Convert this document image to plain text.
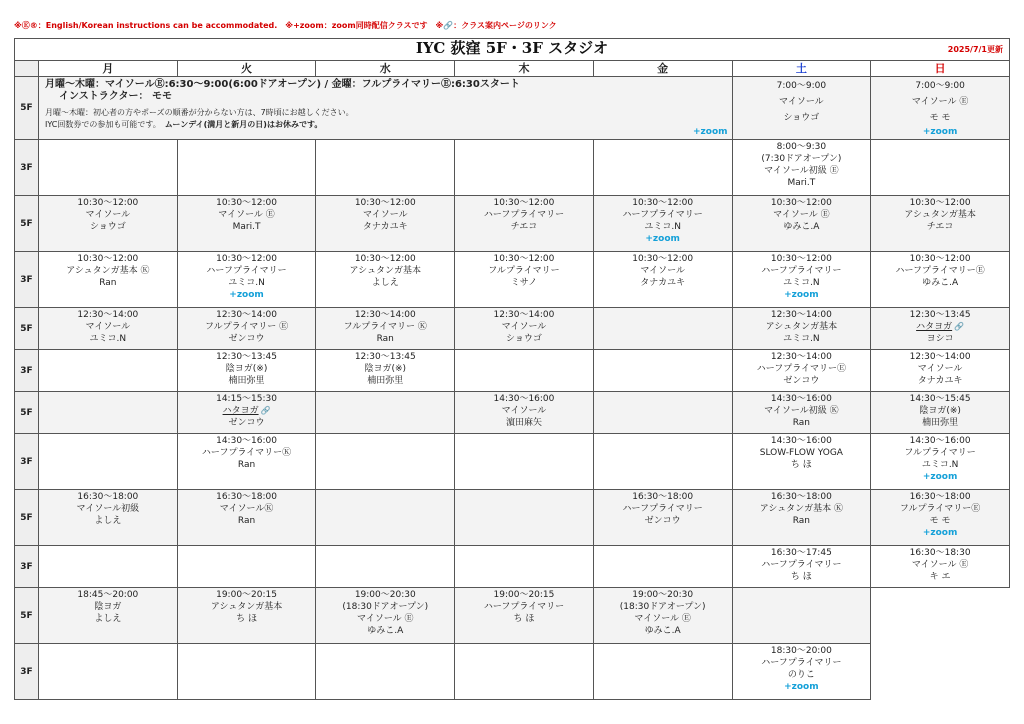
※Ⓔ®：English/Korean instructions can be accommodated.　※+zoom：zoom同時配信クラスです　※🔗：クラス案内ページのリンク
IYC 荻窪 5F・3F スタジオ 2025/7/1更新							

	月	火	水	木	金	土	日
5F	月曜～木曜：マイソールⒺ:6:30～9:00(6:00ドアオープン) / 金曜：フルプライマリーⒺ:6:30スタート
インストラクター： モモ
月曜～木曜：初心者の方やポーズの順番が分からない方は、7時頃にお越しください。
IYC回数券での参加も可能です。　ムーンデイ(満月と新月の日)はお休みです。
+zoom					7:00～9:00
マイソール
ショウゴ	7:00～9:00
マイソール Ⓔ
モ モ
+zoom

3F						8:00～9:30
(7:30ドアオープン)
マイソール初級 Ⓔ
Mari.T	

5F	10:30～12:00
マイソール
ショウゴ	10:30～12:00
マイソール Ⓔ
Mari.T	10:30～12:00
マイソール
タナカユキ	10:30～12:00
ハーフプライマリー
チエコ	10:30～12:00
ハーフプライマリー
ユミコ.N
+zoom	10:30～12:00
マイソール Ⓔ
ゆみこ.A	10:30～12:00
アシュタンガ基本
チエコ

3F	10:30～12:00
アシュタンガ基本 Ⓚ
Ran	10:30～12:00
ハーフプライマリー
ユミコ.N
+zoom	10:30～12:00
アシュタンガ基本
よしえ	10:30～12:00
フルプライマリー
ミサノ	10:30～12:00
マイソール
タナカユキ	10:30～12:00
ハーフプライマリー
ユミコ.N
+zoom	10:30～12:00
ハーフプライマリーⒺ
ゆみこ.A

5F	12:30～14:00
マイソール
ユミコ.N	12:30～14:00
フルプライマリー Ⓔ
ゼンコウ	12:30～14:00
フルプライマリー Ⓚ
Ran	12:30～14:00
マイソール
ショウゴ		12:30～14:00
アシュタンガ基本
ユミコ.N	12:30～13:45
ハタヨガ 🔗
ヨシコ

3F		12:30～13:45
陰ヨガ(※)
楠田弥里	12:30～13:45
陰ヨガ(※)
楠田弥里			12:30～14:00
ハーフプライマリーⒺ
ゼンコウ	12:30～14:00
マイソール
タナカユキ

5F		14:15～15:30
ハタヨガ 🔗
ゼンコウ		14:30～16:00
マイソール
濵田麻矢		14:30～16:00
マイソール初級 Ⓚ
Ran	14:30～15:45
陰ヨガ(※)
楠田弥里

3F		14:30～16:00
ハーフプライマリーⓀ
Ran				14:30～16:00
SLOW-FLOW YOGA
ち ほ	14:30～16:00
フルプライマリー
ユミコ.N
+zoom

5F	16:30～18:00
マイソール初級
よしえ	16:30～18:00
マイソールⓀ
Ran			16:30～18:00
ハーフプライマリー
ゼンコウ	16:30～18:00
アシュタンガ基本 Ⓚ
Ran	16:30～18:00
フルプライマリーⒺ
モ モ
+zoom

3F						16:30～17:45
ハーフプライマリー
ち ほ	16:30～18:30
マイソール Ⓔ
キ エ

5F	18:45～20:00
陰ヨガ
よしえ	19:00～20:15
アシュタンガ基本
ち ほ	19:00～20:30
(18:30ドアオープン)
マイソール Ⓔ
ゆみこ.A	19:00～20:15
ハーフプライマリー
ち ほ	19:00～20:30
(18:30ドアオープン)
マイソール Ⓔ
ゆみこ.A		

3F						18:30～20:00
ハーフプライマリー
のりこ
+zoom	
